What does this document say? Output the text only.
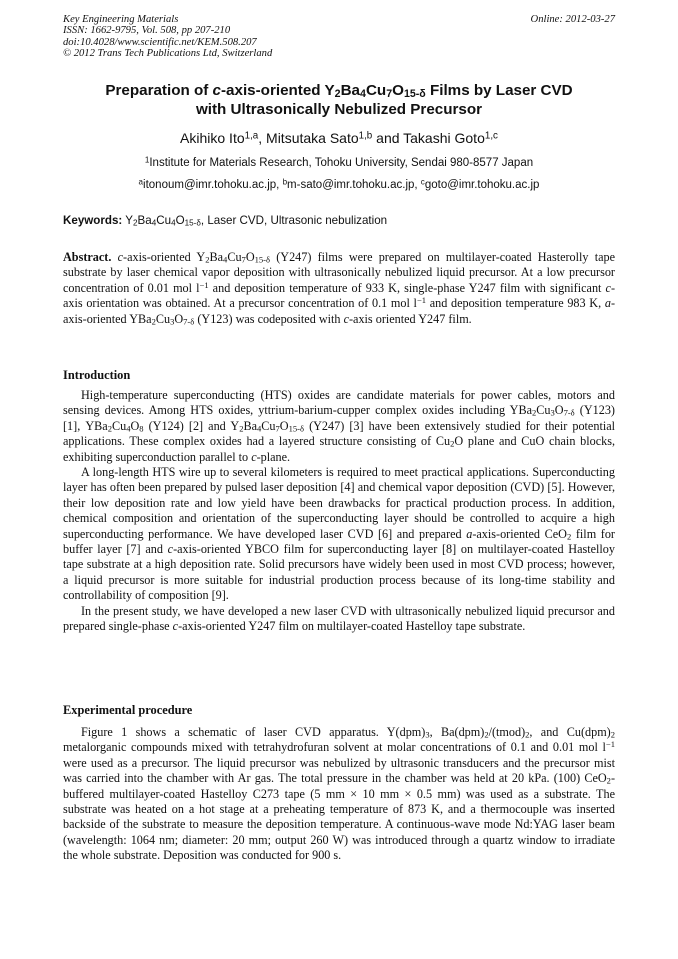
Key Engineering Materials
ISSN: 1662-9795, Vol. 508, pp 207-210
doi:10.4028/www.scientific.net/KEM.508.207
© 2012 Trans Tech Publications Ltd, Switzerland
Online: 2012-03-27
Preparation of c-axis-oriented $Y_2Ba_4Cu_7O_{15-\delta}$ Films by Laser CVD
with Ultrasonically Nebulized Precursor
Akihiko Ito$^{1,a}$, Mitsutaka Sato$^{1,b}$ and Takashi Goto$^{1,c}$
$^1$Institute for Materials Research, Tohoku University, Sendai 980-8577 Japan
$^a$itonoum@imr.tohoku.ac.jp, $^b$m-sato@imr.tohoku.ac.jp, $^c$goto@imr.tohoku.ac.jp
Keywords: $Y_2Ba_4Cu_4O_{15-\delta}$, Laser CVD, Ultrasonic nebulization

Abstract. c-axis-oriented $Y_2Ba_4Cu_7O_{15-\delta}$ (Y247) films were prepared on multilayer-coated Hasterolly tape substrate by laser chemical vapor deposition with ultrasonically nebulized liquid precursor. At a low precursor concentration of 0.01 mol $l^{-1}$ and deposition temperature of 933 K, single-phase Y247 film with significant c-axis orientation was obtained. At a precursor concentration of 0.1 mol $l^{-1}$ and deposition temperature 983 K, a-axis-oriented $YBa_2Cu_3O_{7-\delta}$ (Y123) was codeposited with c-axis oriented Y247 film.

Introduction

High-temperature superconducting (HTS) oxides are candidate materials for power cables, motors and sensing devices. Among HTS oxides, yttrium-barium-cupper complex oxides including $YBa_2Cu_3O_{7-\delta}$ (Y123) [1], $YBa_2Cu_4O_8$ (Y124) [2] and $Y_2Ba_4Cu_7O_{15-\delta}$ (Y247) [3] have been extensively studied for their potential applications. These complex oxides had a layered structure consisting of $Cu_2O$ plane and CuO chain blocks, exhibiting superconduction parallel to c-plane.

A long-length HTS wire up to several kilometers is required to meet practical applications. Superconducting layer has often been prepared by pulsed laser deposition [4] and chemical vapor deposition (CVD) [5]. However, their low deposition rate and low yield have been drawbacks for practical production process. In addition, chemical composition and orientation of the superconducting layer should be controlled to acquire a high superconducting performance. We have developed laser CVD [6] and prepared a-axis-oriented CeO$_2$ film for buffer layer [7] and c-axis-oriented YBCO film for superconducting layer [8] on multilayer-coated Hastelloy tape substrate at a high deposition rate. Solid precursors have widely been used in most CVD process; however, a liquid precursor is more suitable for industrial production process because of its long-time stability and controllability of composition [9].

In the present study, we have developed a new laser CVD with ultrasonically nebulized liquid precursor and prepared single-phase c-axis-oriented Y247 film on multilayer-coated Hastelloy tape substrate.

Experimental procedure

Figure 1 shows a schematic of laser CVD apparatus. $Y(dpm)_3$, $Ba(dpm)_2/(tmod)_2$, and $Cu(dpm)_2$ metalorganic compounds mixed with tetrahydrofuran solvent at molar concentrations of 0.1 and 0.01 mol $l^{-1}$ were used as a precursor. The liquid precursor was nebulized by ultrasonic transducers and the precursor mist was carried into the chamber with Ar gas. The total pressure in the chamber was held at 20 kPa. (100) CeO$_2$-buffered multilayer-coated Hastelloy C273 tape (5 mm × 10 mm × 0.5 mm) was used as a substrate. The substrate was heated on a hot stage at a preheating temperature of 873 K, and a thermocouple was inserted backside of the substrate to measure the deposition temperature. A continuous-wave mode Nd:YAG laser beam (wavelength: 1064 nm; diameter: 20 mm; output 260 W) was introduced through a quartz window to irradiate the whole substrate. Deposition was conducted for 900 s.
